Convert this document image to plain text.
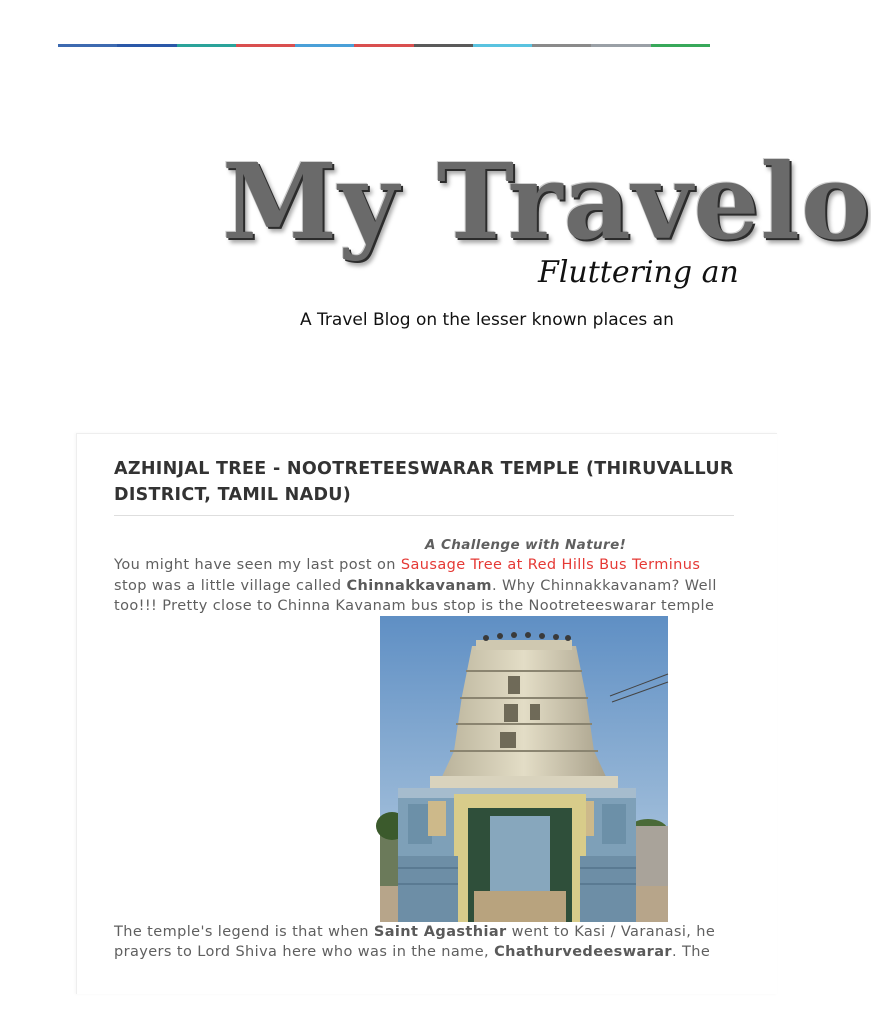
My Travelo
Fluttering an
A Travel Blog on the lesser known places an
AZHINJAL TREE - NOOTRETEESWARAR TEMPLE (THIRUVALLUR DISTRICT, TAMIL NADU)
A Challenge with Nature!
You might have seen my last post on Sausage Tree at Red Hills Bus Terminus
stop was a little village called Chinnakkavanam. Why Chinnakkavanam? Well
too!!! Pretty close to Chinna Kavanam bus stop is the Nootreteeswarar temple
The temple's legend is that when Saint Agasthiar went to Kasi / Varanasi, he
prayers to Lord Shiva here who was in the name, Chathurvedeeswarar. The
